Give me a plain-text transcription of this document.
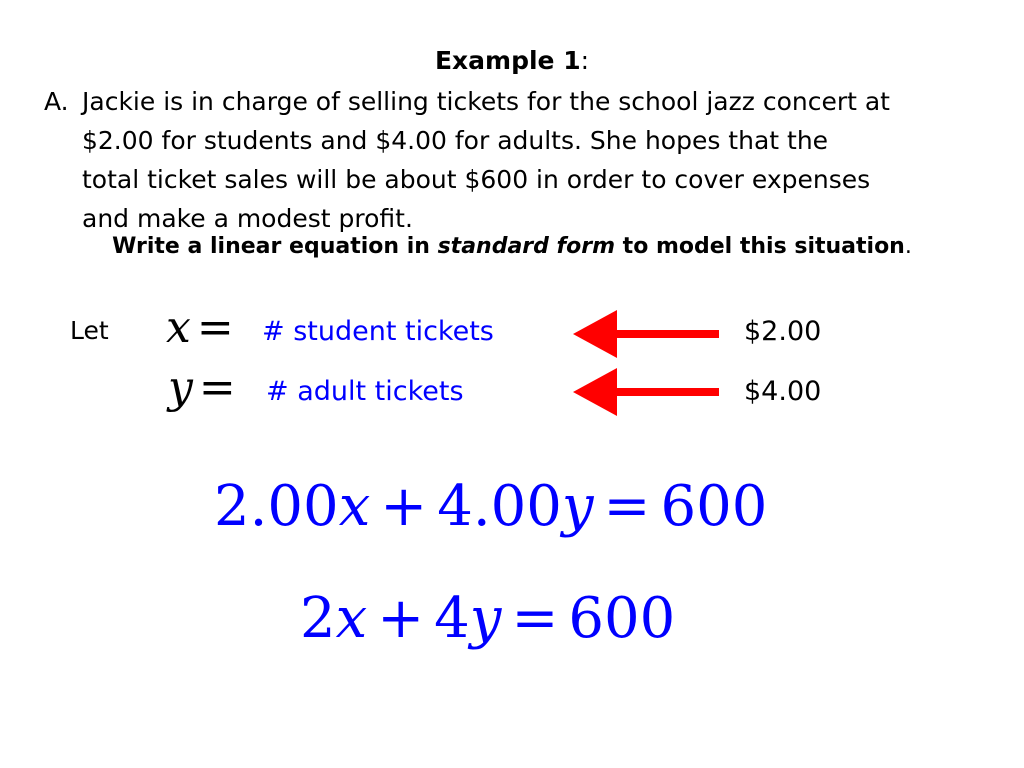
Example 1:
A. Jackie is in charge of selling tickets for the school jazz concert at
$2.00 for students and $4.00 for adults. She hopes that the
total ticket sales will be about $600 in order to cover expenses
and make a modest profit.
Write a linear equation in standard form to model this situation.
Let x = # student tickets	$2.00
y = # adult tickets	$4.00
2.00x + 4.00y = 600
2x + 4y = 600
